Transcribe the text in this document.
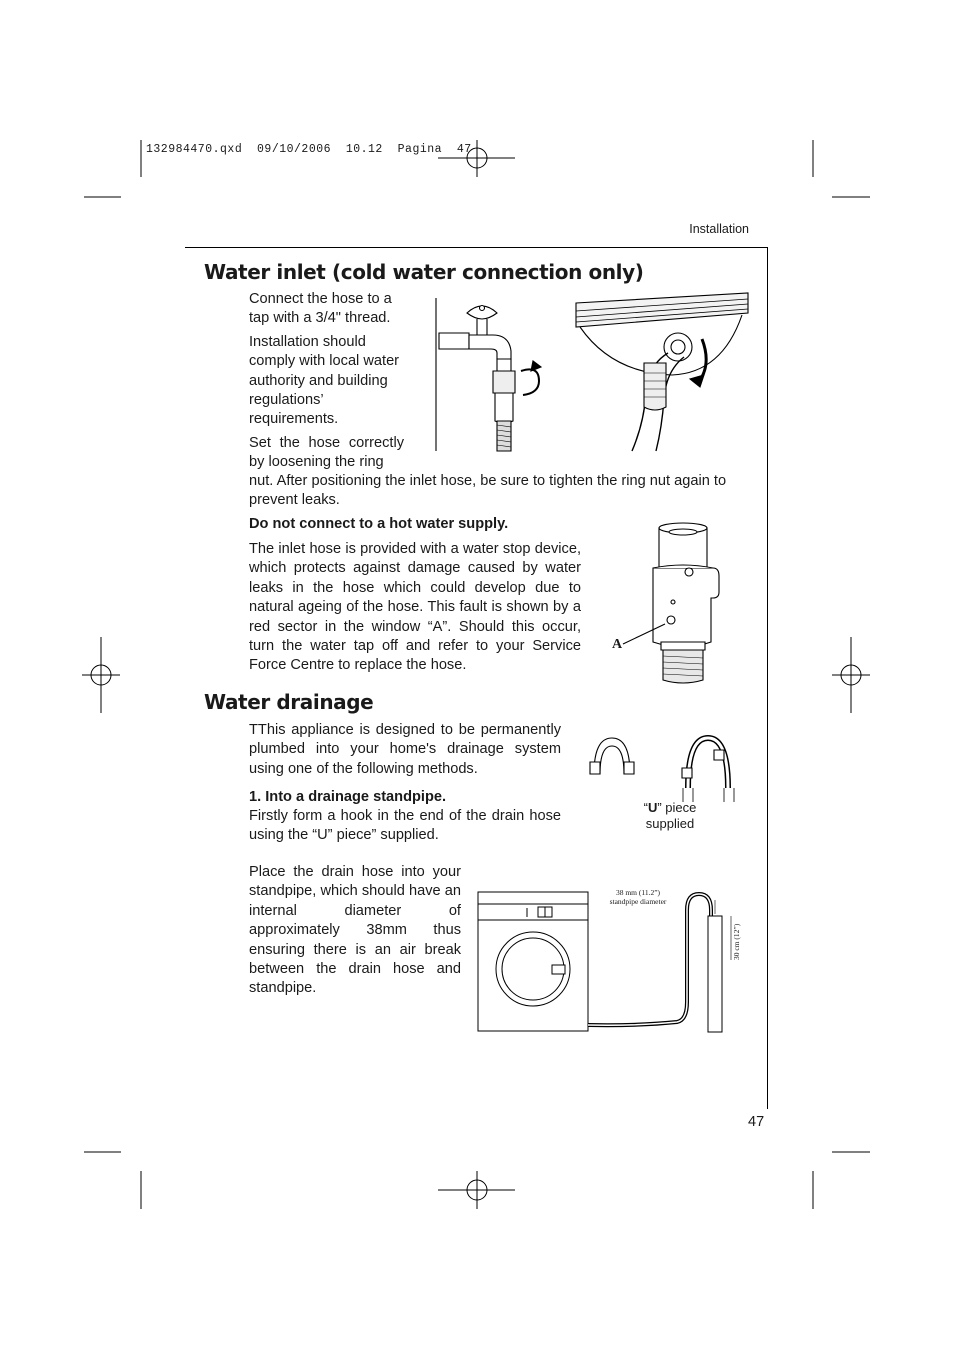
132984470.qxd  09/10/2006  10.12  Pagina  47
Installation
Water inlet (cold water connection only)

Connect the hose to a tap with a 3/4" thread.

Installation should comply with local water authority and building regulations’ requirements.

Set the hose correctly by loosening the ring

nut. After positioning the inlet hose, be sure to tighten the ring nut again to prevent leaks.
Do not connect to a hot water supply.
The inlet hose is provided with a water stop device, which protects against damage caused by water leaks in the hose which could develop due to natural ageing of the hose. This fault is shown by a red sector in the window “A”. Should this occur, turn the water tap off and refer to your Service Force Centre to replace the hose.
A
Water drainage
TThis appliance is designed to be permanently plumbed into your home's drainage system using one of the following methods.
1. Into a drainage standpipe.
Firstly form a hook in the end of the drain hose using the “U” piece” supplied.
Place the drain hose into your standpipe, which should have an internal diameter of approximately 38mm thus ensuring there is an air break between the drain hose and standpipe.
“U” piece
supplied
38 mm (11.2”) standpipe diameter
30 cm (12”)
47
